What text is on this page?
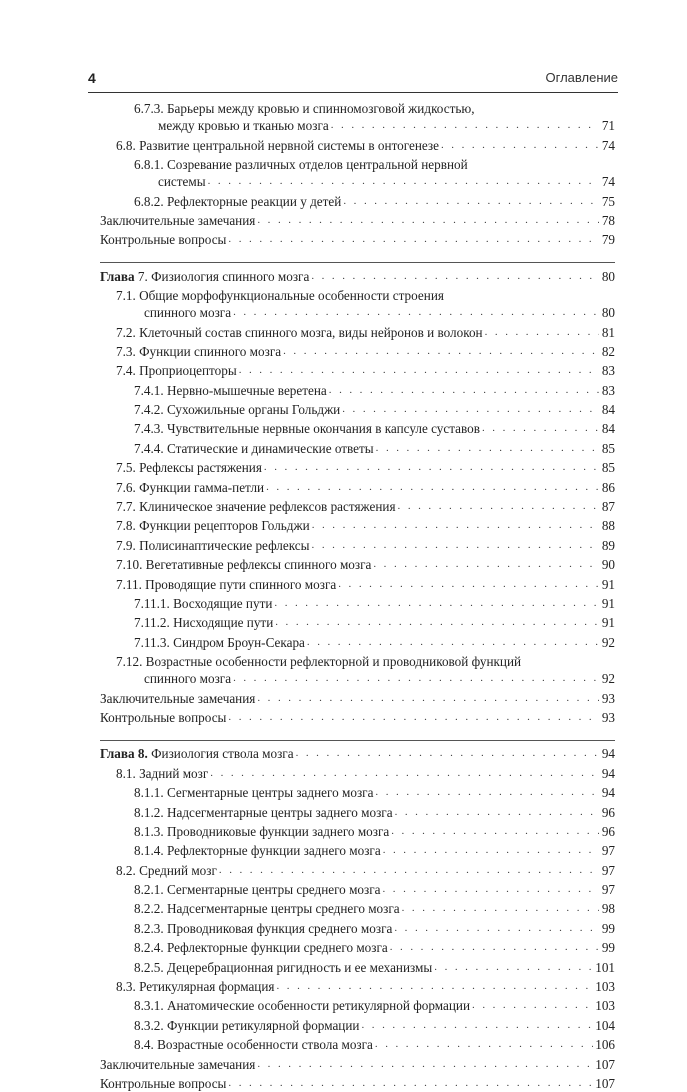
4	Оглавление
6.7.3. Барьеры между кровью и спинномозговой жидкостью,
между кровью и тканью мозга . . .	71
6.8. Развитие центральной нервной системы в онтогенезе . . .	74
6.8.1. Созревание различных отделов центральной нервной
системы . . .	74
6.8.2. Рефлекторные реакции у детей . . .	75
Заключительные замечания . . .	78
Контрольные вопросы . . .	79
Глава 7. Физиология спинного мозга . . .	80
7.1. Общие морфофункциональные особенности строения
спинного мозга . . .	80
7.2. Клеточный состав спинного мозга, виды нейронов и волокон . . .	81
7.3. Функции спинного мозга . . .	82
7.4. Проприоцепторы . . .	83
7.4.1. Нервно-мышечные веретена . . .	83
7.4.2. Сухожильные органы Гольджи . . .	84
7.4.3. Чувствительные нервные окончания в капсуле суставов . . .	84
7.4.4. Статические и динамические ответы . . .	85
7.5. Рефлексы растяжения . . .	85
7.6. Функции гамма-петли . . .	86
7.7. Клиническое значение рефлексов растяжения . . .	87
7.8. Функции рецепторов Гольджи . . .	88
7.9. Полисинаптические рефлексы . . .	89
7.10. Вегетативные рефлексы спинного мозга . . .	90
7.11. Проводящие пути спинного мозга . . .	91
7.11.1. Восходящие пути . . .	91
7.11.2. Нисходящие пути . . .	91
7.11.3. Синдром Броун-Секара . . .	92
7.12. Возрастные особенности рефлекторной и проводниковой функций
спинного мозга . . .	92
Заключительные замечания . . .	93
Контрольные вопросы . . .	93
Глава 8. Физиология ствола мозга . . .	94
8.1. Задний мозг . . .	94
8.1.1. Сегментарные центры заднего мозга . . .	94
8.1.2. Надсегментарные центры заднего мозга . . .	96
8.1.3. Проводниковые функции заднего мозга . . .	96
8.1.4. Рефлекторные функции заднего мозга . . .	97
8.2. Средний мозг . . .	97
8.2.1. Сегментарные центры среднего мозга . . .	97
8.2.2. Надсегментарные центры среднего мозга . . .	98
8.2.3. Проводниковая функция среднего мозга . . .	99
8.2.4. Рефлекторные функции среднего мозга . . .	99
8.2.5. Децеребрационная ригидность и ее механизмы . . .	101
8.3. Ретикулярная формация . . .	103
8.3.1. Анатомические особенности ретикулярной формации . . .	103
8.3.2. Функции ретикулярной формации . . .	104
8.4. Возрастные особенности ствола мозга . . .	106
Заключительные замечания . . .	107
Контрольные вопросы . . .	107
